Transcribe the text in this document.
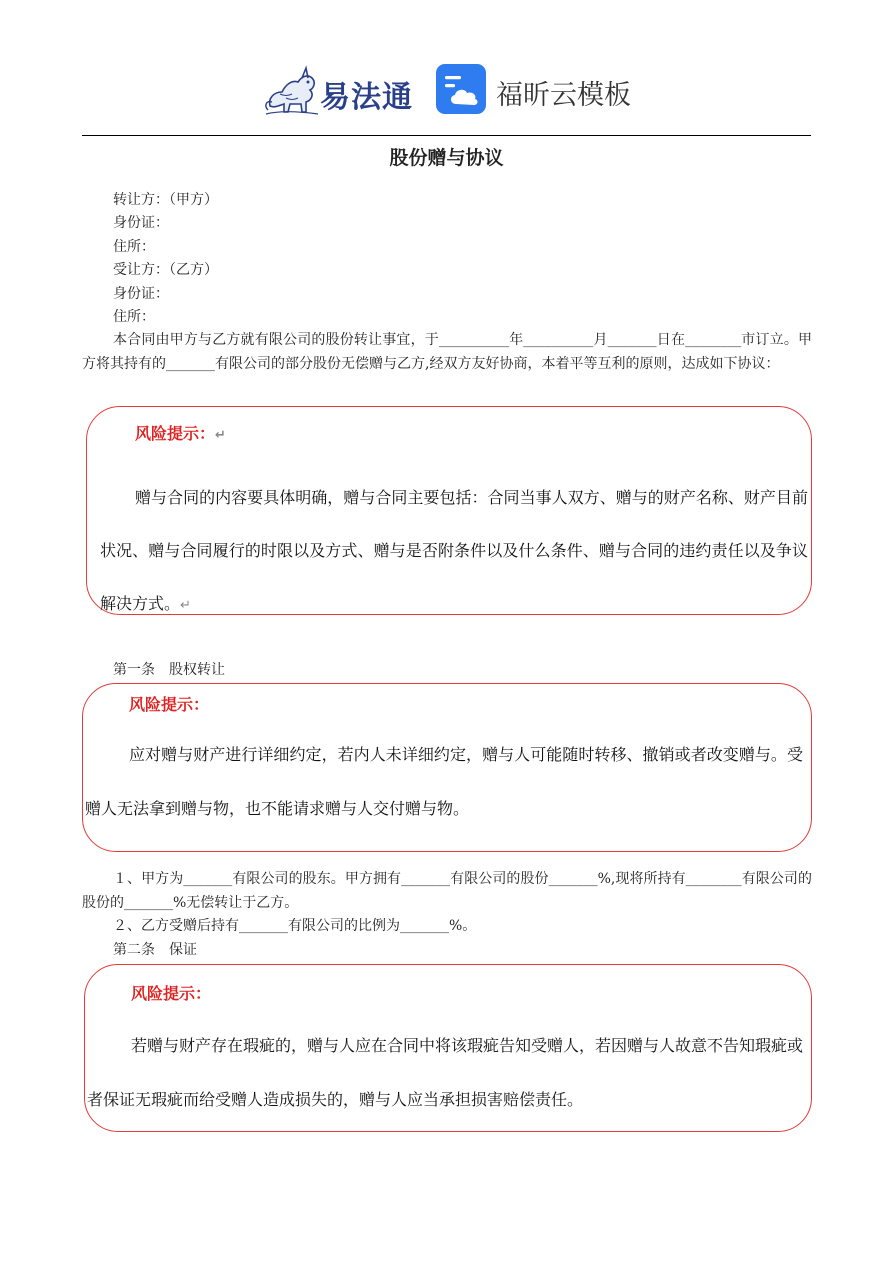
易法通	福昕云模板
股份赠与协议
转让方：（甲方）
身份证：
住所：
受让方：（乙方）
身份证：
住所：
本合同由甲方与乙方就有限公司的股份转让事宜，于__________年__________月_______日在________市订立。甲方将其持有的_______有限公司的部分股份无偿赠与乙方,经双方友好协商，本着平等互利的原则，达成如下协议：
风险提示：↵
赠与合同的内容要具体明确，赠与合同主要包括：合同当事人双方、赠与的财产名称、财产目前状况、赠与合同履行的时限以及方式、赠与是否附条件以及什么条件、赠与合同的违约责任以及争议解决方式。↵
第一条　股权转让
风险提示：
应对赠与财产进行详细约定，若内人未详细约定，赠与人可能随时转移、撤销或者改变赠与。受赠人无法拿到赠与物，也不能请求赠与人交付赠与物。
１、甲方为_______有限公司的股东。甲方拥有_______有限公司的股份_______%,现将所持有________有限公司的股份的_______%无偿转让于乙方。
２、乙方受赠后持有_______有限公司的比例为_______%。
第二条　保证
风险提示：
若赠与财产存在瑕疵的，赠与人应在合同中将该瑕疵告知受赠人，若因赠与人故意不告知瑕疵或者保证无瑕疵而给受赠人造成损失的，赠与人应当承担损害赔偿责任。
